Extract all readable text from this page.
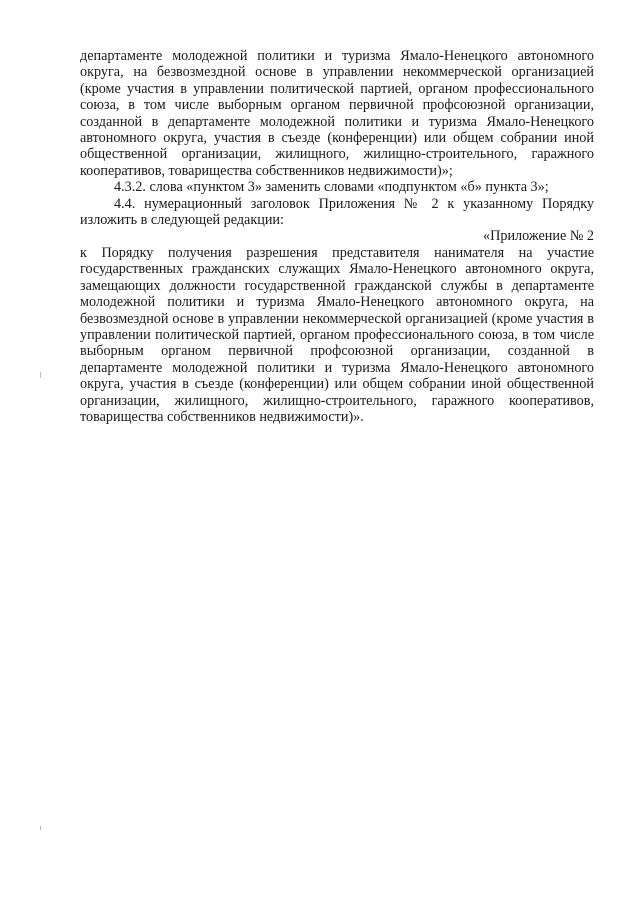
департаменте молодежной политики и туризма Ямало-Ненецкого автономного округа, на безвозмездной основе в управлении некоммерческой организацией (кроме участия в управлении политической партией, органом профессионального союза, в том числе выборным органом первичной профсоюзной организации, созданной в департаменте молодежной политики и туризма Ямало-Ненецкого автономного округа, участия в съезде (конференции) или общем собрании иной общественной организации, жилищного, жилищно-строительного, гаражного кооперативов, товарищества собственников недвижимости)»;

4.3.2. слова «пунктом 3» заменить словами «подпунктом «б» пункта 3»;

4.4. нумерационный заголовок Приложения № 2 к указанному Порядку изложить в следующей редакции:

«Приложение № 2

к Порядку получения разрешения представителя нанимателя на участие государственных гражданских служащих Ямало-Ненецкого автономного округа, замещающих должности государственной гражданской службы в департаменте молодежной политики и туризма Ямало-Ненецкого автономного округа, на безвозмездной основе в управлении некоммерческой организацией (кроме участия в управлении политической партией, органом профессионального союза, в том числе выборным органом первичной профсоюзной организации, созданной в департаменте молодежной политики и туризма Ямало-Ненецкого автономного округа, участия в съезде (конференции) или общем собрании иной общественной организации, жилищного, жилищно-строительного, гаражного кооперативов, товарищества собственников недвижимости)».
